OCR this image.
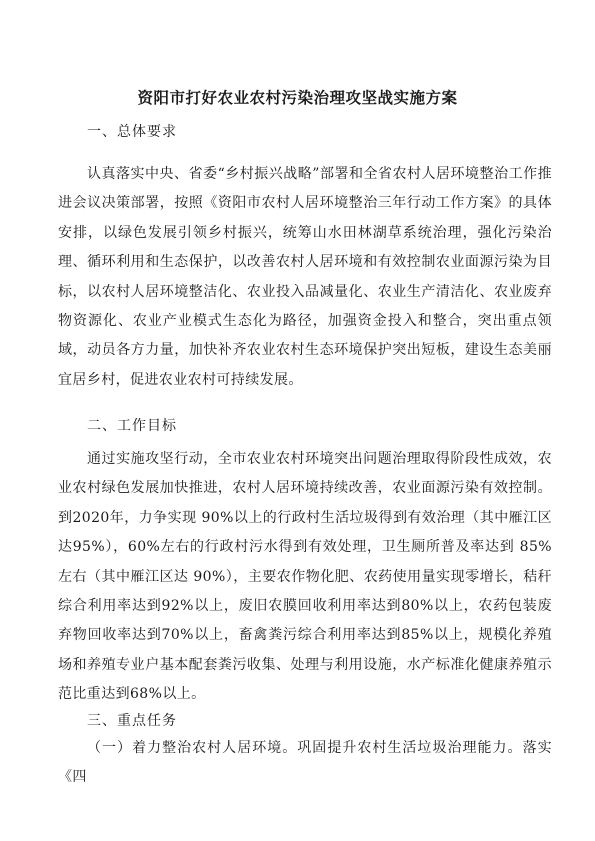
资阳市打好农业农村污染治理攻坚战实施方案
一、总体要求
认真落实中央、省委“乡村振兴战略”部署和全省农村人居环境整治工作推进会议决策部署，按照《资阳市农村人居环境整治三年行动工作方案》的具体安排，以绿色发展引领乡村振兴，统筹山水田林湖草系统治理，强化污染治理、循环利用和生态保护，以改善农村人居环境和有效控制农业面源污染为目标，以农村人居环境整洁化、农业投入品减量化、农业生产清洁化、农业废弃物资源化、农业产业模式生态化为路径，加强资金投入和整合，突出重点领域，动员各方力量，加快补齐农业农村生态环境保护突出短板，建设生态美丽宜居乡村，促进农业农村可持续发展。
二、工作目标
通过实施攻坚行动，全市农业农村环境突出问题治理取得阶段性成效，农业农村绿色发展加快推进，农村人居环境持续改善，农业面源污染有效控制。到2020年，力争实现 90%以上的行政村生活垃圾得到有效治理（其中雁江区达95%），60%左右的行政村污水得到有效处理，卫生厕所普及率达到 85%左右（其中雁江区达 90%），主要农作物化肥、农药使用量实现零增长，秸秆综合利用率达到92%以上，废旧农膜回收利用率达到80%以上，农药包装废弃物回收率达到70%以上，畜禽粪污综合利用率达到85%以上，规模化养殖场和养殖专业户基本配套粪污收集、处理与利用设施，水产标准化健康养殖示范比重达到68%以上。
三、重点任务
（一）着力整治农村人居环境。巩固提升农村生活垃圾治理能力。落实《四
